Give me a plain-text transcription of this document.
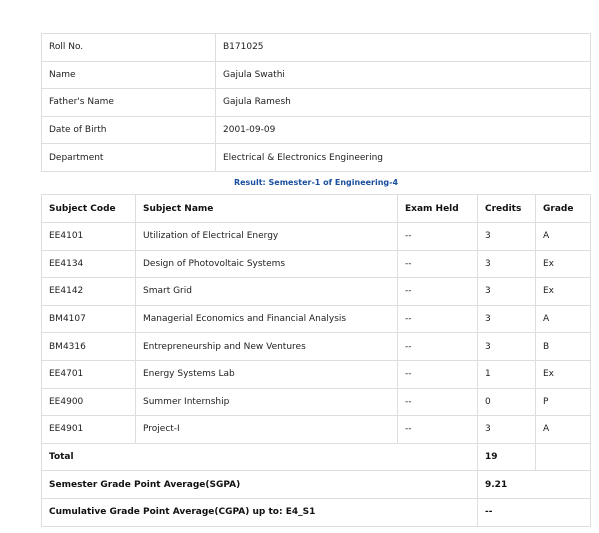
Roll No.	B171025
Name	Gajula Swathi
Father's Name	Gajula Ramesh
Date of Birth	2001-09-09
Department	Electrical & Electronics Engineering
Result: Semester-1 of Engineering-4
Subject Code	Subject Name	Exam Held	Credits	Grade
EE4101	Utilization of Electrical Energy	--	3	A
EE4134	Design of Photovoltaic Systems	--	3	Ex
EE4142	Smart Grid	--	3	Ex
BM4107	Managerial Economics and Financial Analysis	--	3	A
BM4316	Entrepreneurship and New Ventures	--	3	B
EE4701	Energy Systems Lab	--	1	Ex
EE4900	Summer Internship	--	0	P
EE4901	Project-I	--	3	A
Total			19	
Semester Grade Point Average(SGPA)			9.21	
Cumulative Grade Point Average(CGPA) up to: E4_S1			--	
